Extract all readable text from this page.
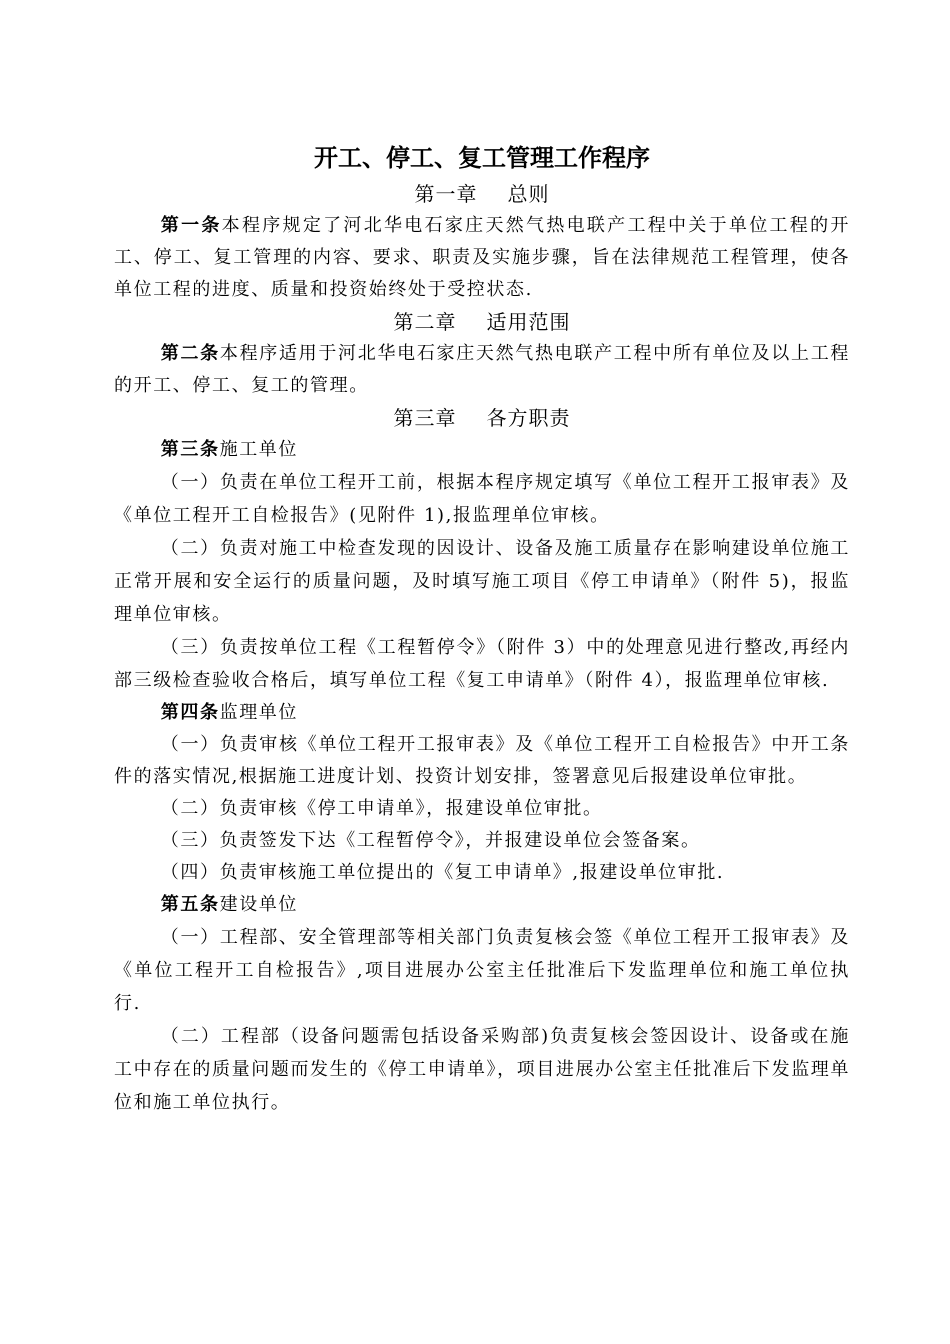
开工、停工、复工管理工作程序

第一章 总则

第一条本程序规定了河北华电石家庄天然气热电联产工程中关于单位工程的开工、停工、复工管理的内容、要求、职责及实施步骤，旨在法律规范工程管理，使各单位工程的进度、质量和投资始终处于受控状态.

第二章 适用范围

第二条本程序适用于河北华电石家庄天然气热电联产工程中所有单位及以上工程的开工、停工、复工的管理。

第三章 各方职责

第三条施工单位

（一）负责在单位工程开工前，根据本程序规定填写《单位工程开工报审表》及《单位工程开工自检报告》(见附件 1),报监理单位审核。

（二）负责对施工中检查发现的因设计、设备及施工质量存在影响建设单位施工正常开展和安全运行的质量问题，及时填写施工项目《停工申请单》（附件 5)，报监理单位审核。

（三）负责按单位工程《工程暂停令》（附件 3）中的处理意见进行整改,再经内部三级检查验收合格后，填写单位工程《复工申请单》（附件 4），报监理单位审核.

第四条监理单位

（一）负责审核《单位工程开工报审表》及《单位工程开工自检报告》中开工条件的落实情况,根据施工进度计划、投资计划安排，签署意见后报建设单位审批。

（二）负责审核《停工申请单》，报建设单位审批。

（三）负责签发下达《工程暂停令》，并报建设单位会签备案。

（四）负责审核施工单位提出的《复工申请单》,报建设单位审批.

第五条建设单位

（一）工程部、安全管理部等相关部门负责复核会签《单位工程开工报审表》及《单位工程开工自检报告》,项目进展办公室主任批准后下发监理单位和施工单位执行.

（二）工程部（设备问题需包括设备采购部)负责复核会签因设计、设备或在施工中存在的质量问题而发生的《停工申请单》，项目进展办公室主任批准后下发监理单位和施工单位执行。
